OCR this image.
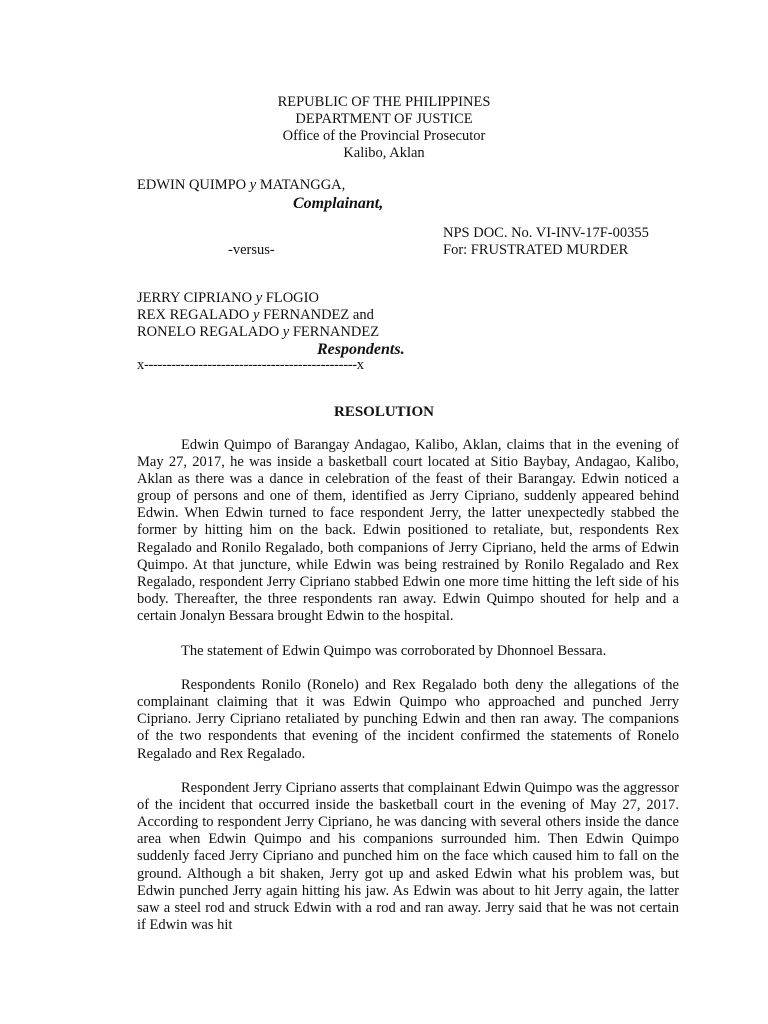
REPUBLIC OF THE PHILIPPINES
DEPARTMENT OF JUSTICE
Office of the Provincial Prosecutor
Kalibo, Aklan
EDWIN QUIMPO y MATANGGA,
Complainant,
NPS DOC. No. VI-INV-17F-00355
-versus-	For: FRUSTRATED MURDER
JERRY CIPRIANO y FLOGIO
REX REGALADO y FERNANDEZ and
RONELO REGALADO y FERNANDEZ
Respondents.
x-----------------------------------------------x
RESOLUTION

Edwin Quimpo of Barangay Andagao, Kalibo, Aklan, claims that in the evening of May 27, 2017, he was inside a basketball court located at Sitio Baybay, Andagao, Kalibo, Aklan as there was a dance in celebration of the feast of their Barangay. Edwin noticed a group of persons and one of them, identified as Jerry Cipriano, suddenly appeared behind Edwin. When Edwin turned to face respondent Jerry, the latter unexpectedly stabbed the former by hitting him on the back. Edwin positioned to retaliate, but, respondents Rex Regalado and Ronilo Regalado, both companions of Jerry Cipriano, held the arms of Edwin Quimpo. At that juncture, while Edwin was being restrained by Ronilo Regalado and Rex Regalado, respondent Jerry Cipriano stabbed Edwin one more time hitting the left side of his body. Thereafter, the three respondents ran away. Edwin Quimpo shouted for help and a certain Jonalyn Bessara brought Edwin to the hospital.

The statement of Edwin Quimpo was corroborated by Dhonnoel Bessara.

Respondents Ronilo (Ronelo) and Rex Regalado both deny the allegations of the complainant claiming that it was Edwin Quimpo who approached and punched Jerry Cipriano. Jerry Cipriano retaliated by punching Edwin and then ran away. The companions of the two respondents that evening of the incident confirmed the statements of Ronelo Regalado and Rex Regalado.

Respondent Jerry Cipriano asserts that complainant Edwin Quimpo was the aggressor of the incident that occurred inside the basketball court in the evening of May 27, 2017. According to respondent Jerry Cipriano, he was dancing with several others inside the dance area when Edwin Quimpo and his companions surrounded him. Then Edwin Quimpo suddenly faced Jerry Cipriano and punched him on the face which caused him to fall on the ground. Although a bit shaken, Jerry got up and asked Edwin what his problem was, but Edwin punched Jerry again hitting his jaw. As Edwin was about to hit Jerry again, the latter saw a steel rod and struck Edwin with a rod and ran away. Jerry said that he was not certain if Edwin was hit
